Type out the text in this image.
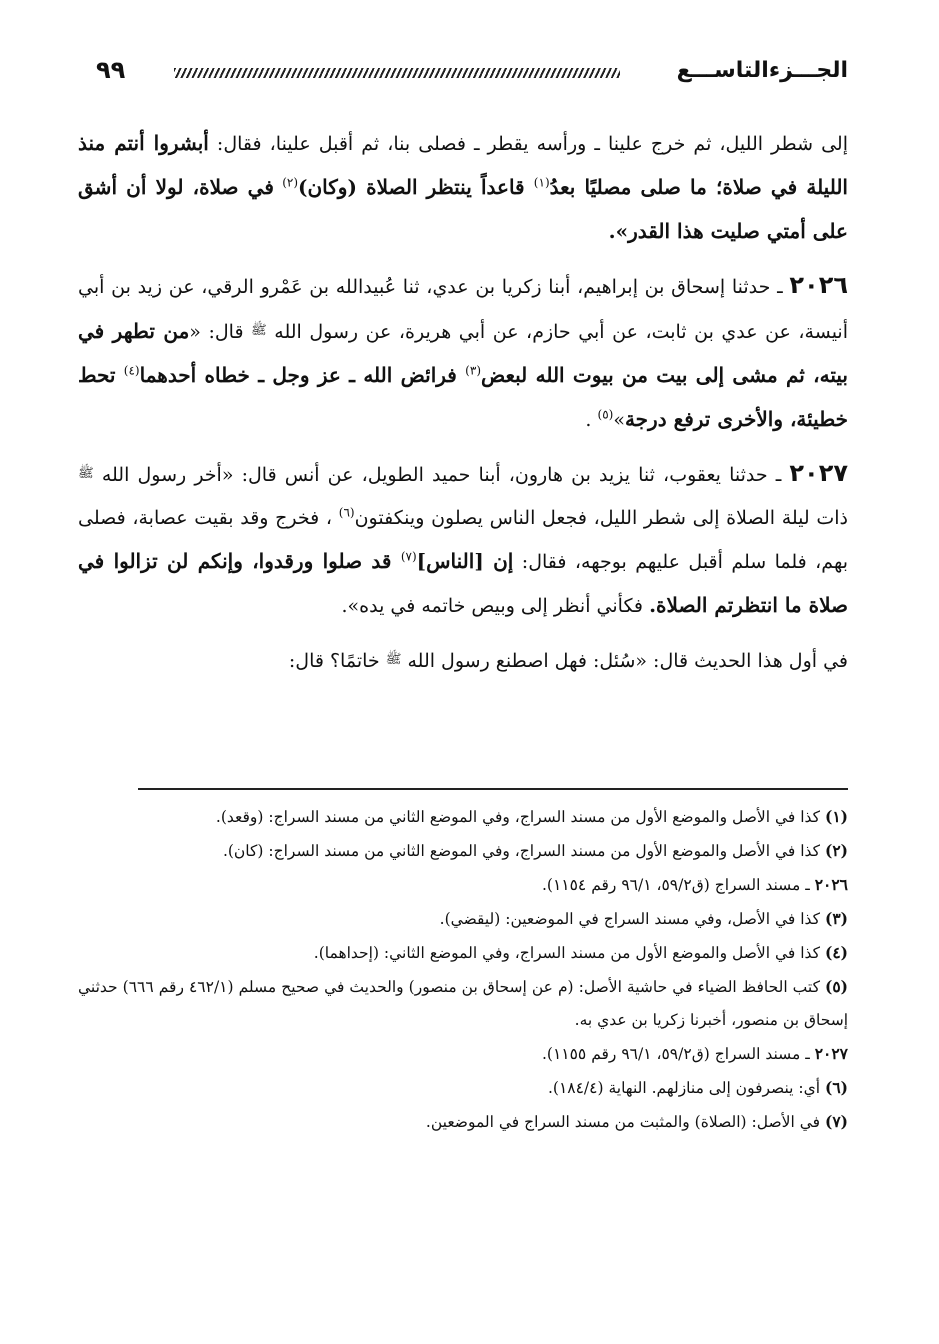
الجـــزءالتاســـع
٩٩

إلى شطر الليل، ثم خرج علينا ـ ورأسه يقطر ـ فصلى بنا، ثم أقبل علينا، فقال: أبشروا أنتم منذ الليلة في صلاة؛ ما صلى مصليًا بعدُ$^{(١)}$ قاعداً ينتظر الصلاة (وكان)$^{(٢)}$ في صلاة، لولا أن أشق على أمتي صليت هذا القدر».

٢٠٢٦ ـ حدثنا إسحاق بن إبراهيم، أبنا زكريا بن عدي، ثنا عُبيدالله بن عَمْرو الرقي، عن زيد بن أبي أنيسة، عن عدي بن ثابت، عن أبي حازم، عن أبي هريرة، عن رسول الله $^ﷺ$ قال: «من تطهر في بيته، ثم مشى إلى بيت من بيوت الله لبعض$^{(٣)}$ فرائض الله ـ عز وجل ـ خطاه أحدهما$^{(٤)}$ تحط خطيئة، والأخرى ترفع درجة»$^{(٥)}$ .

٢٠٢٧ ـ حدثنا يعقوب، ثنا يزيد بن هارون، أبنا حميد الطويل، عن أنس قال: «أخر رسول الله $^ﷺ$ ذات ليلة الصلاة إلى شطر الليل، فجعل الناس يصلون وينكفتون$^{(٦)}$ ، فخرج وقد بقيت عصابة، فصلى بهم، فلما سلم أقبل عليهم بوجهه، فقال: إن [الناس]$^{(٧)}$ قد صلوا ورقدوا، وإنكم لن تزالوا في صلاة ما انتظرتم الصلاة. فكأني أنظر إلى وبيص خاتمه في يده».

في أول هذا الحديث قال: «سُئل: فهل اصطنع رسول الله $^ﷺ$ خاتمًا؟ قال:

(١) كذا في الأصل والموضع الأول من مسند السراج، وفي الموضع الثاني من مسند السراج: (وقعد).
(٢) كذا في الأصل والموضع الأول من مسند السراج، وفي الموضع الثاني من مسند السراج: (كان).
٢٠٢٦ ـ مسند السراج (ق٥٩/٢، ٩٦/١ رقم ١١٥٤).
(٣) كذا في الأصل، وفي مسند السراج في الموضعين: (ليقضي).
(٤) كذا في الأصل والموضع الأول من مسند السراج، وفي الموضع الثاني: (إحداهما).
(٥) كتب الحافظ الضياء في حاشية الأصل: (م عن إسحاق بن منصور) والحديث في صحيح مسلم (٤٦٢/١ رقم ٦٦٦) حدثني إسحاق بن منصور، أخبرنا زكريا بن عدي به.
٢٠٢٧ ـ مسند السراج (ق٥٩/٢، ٩٦/١ رقم ١١٥٥).
(٦) أي: ينصرفون إلى منازلهم. النهاية (١٨٤/٤).
(٧) في الأصل: (الصلاة) والمثبت من مسند السراج في الموضعين.
